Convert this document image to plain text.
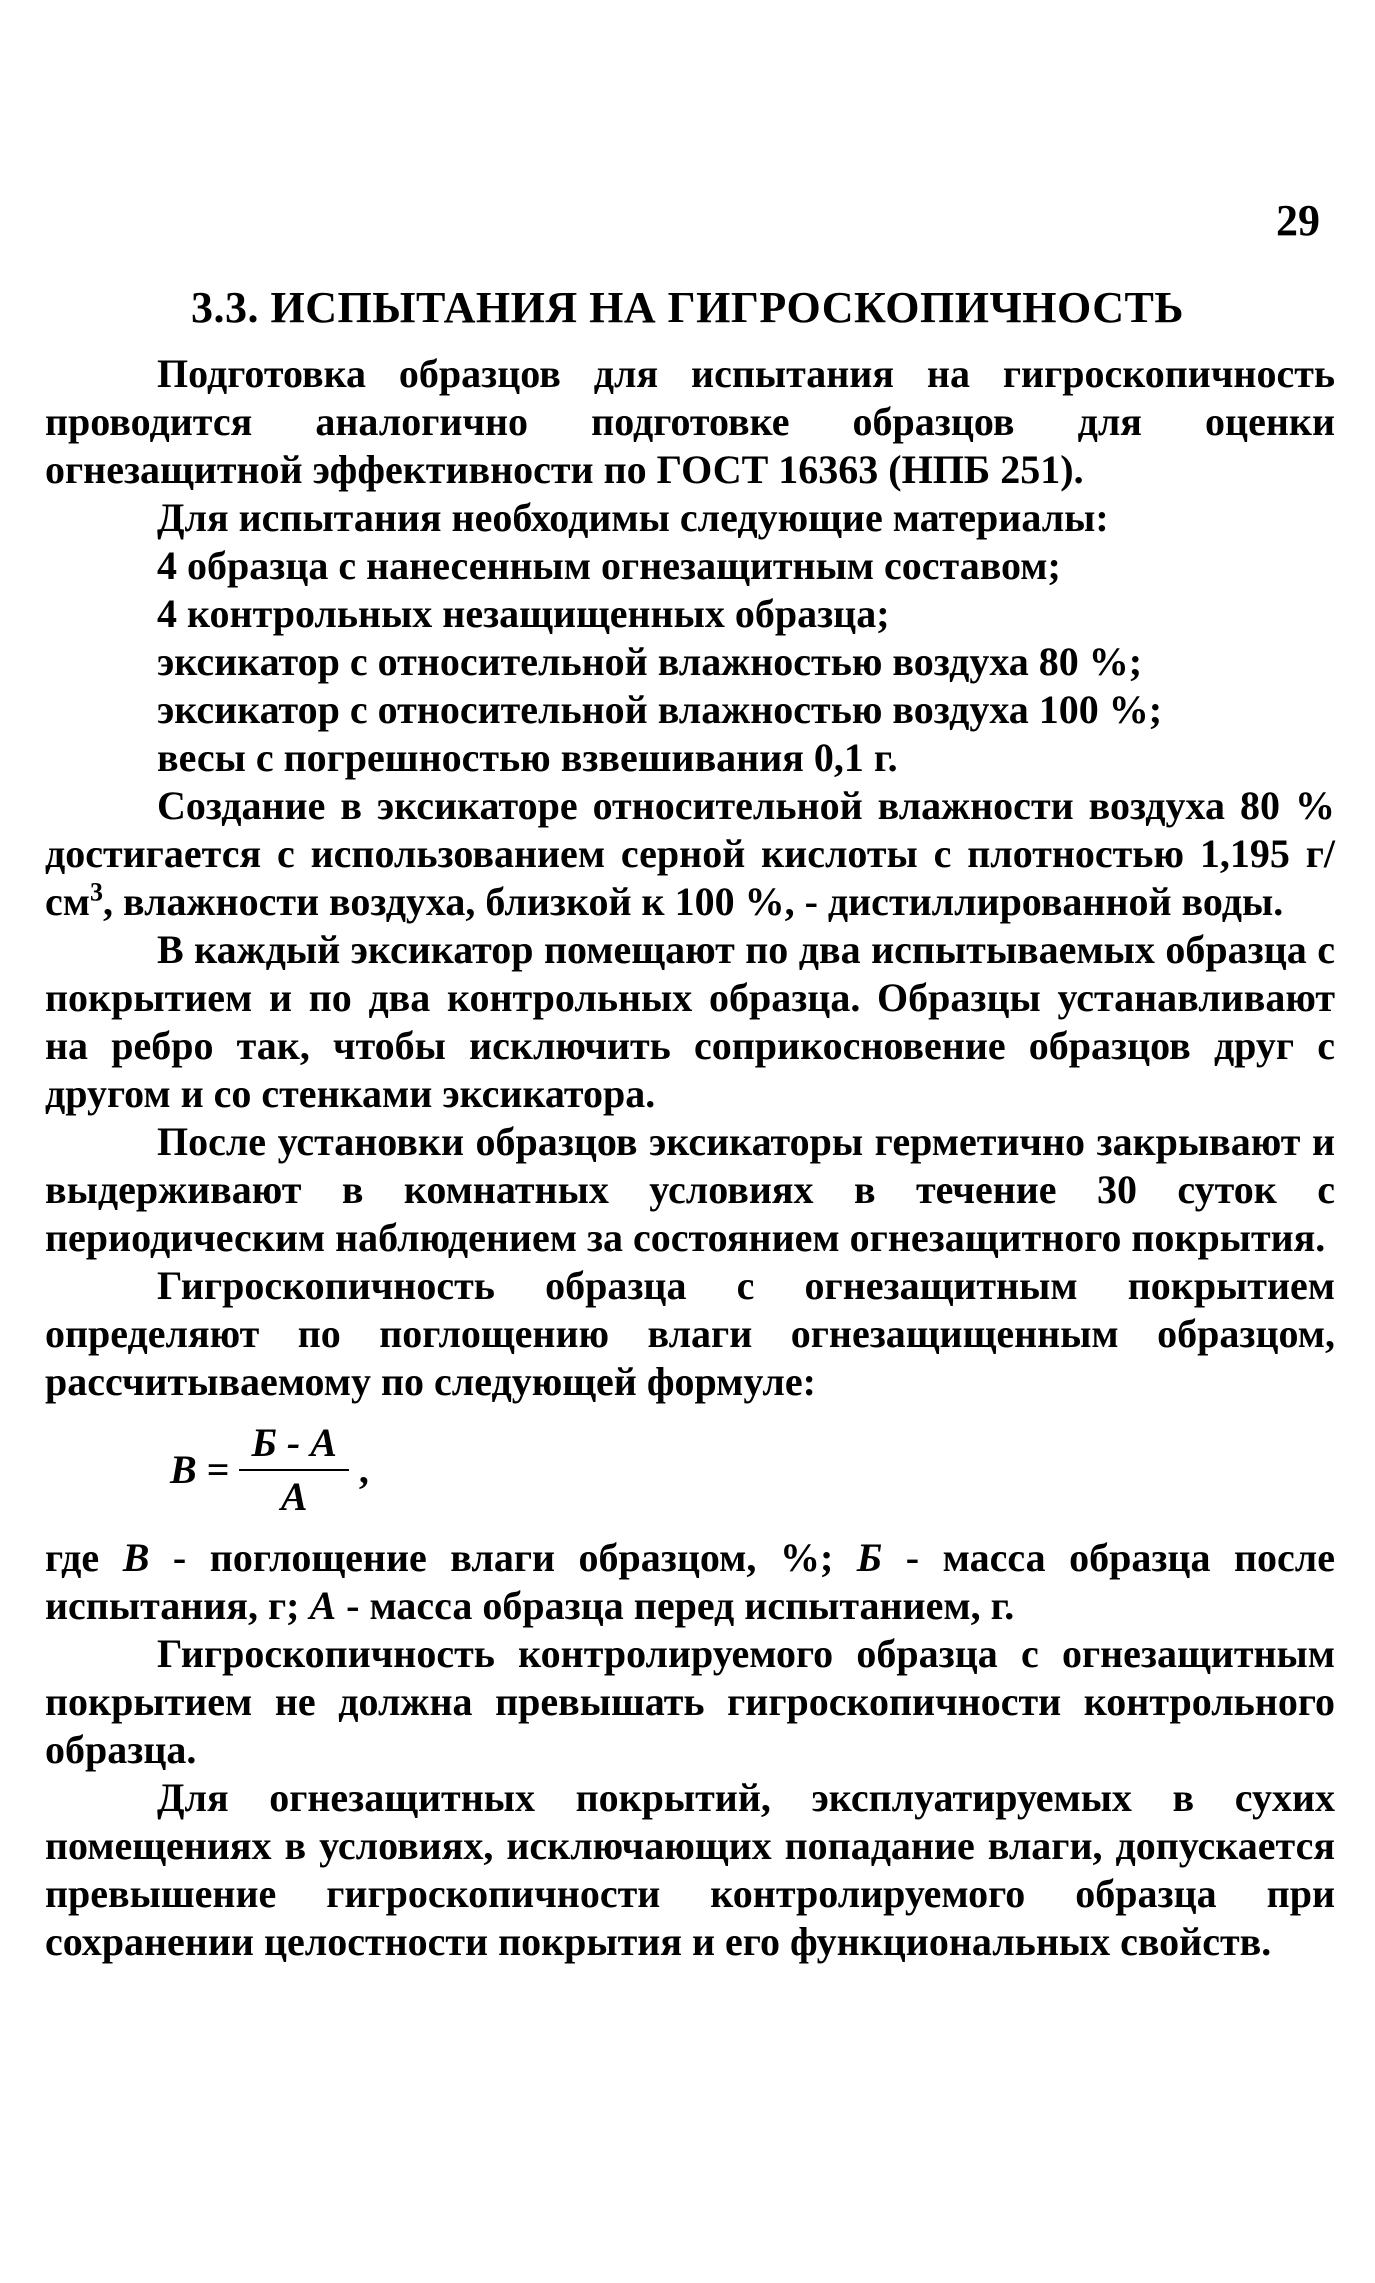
29
3.3. ИСПЫТАНИЯ НА ГИГРОСКОПИЧНОСТЬ

Подготовка образцов для испытания на гигроскопичность проводится аналогично подготовке образцов для оценки огнезащитной эффективности по ГОСТ 16363 (НПБ 251).

Для испытания необходимы следующие материалы:

4 образца с нанесенным огнезащитным составом;
4 контрольных незащищенных образца;
эксикатор с относительной влажностью воздуха 80 %;
эксикатор с относительной влажностью воздуха 100 %;
весы с погрешностью взвешивания 0,1 г.

Создание в эксикаторе относительной влажности воздуха 80 % достигается с использованием серной кислоты с плотностью 1,195 $г/см^3$, влажности воздуха, близкой к 100 %, - дистиллированной воды.

В каждый эксикатор помещают по два испытываемых образца с покрытием и по два контрольных образца. Образцы устанавливают на ребро так, чтобы исключить соприкосновение образцов друг с другом и со стенками эксикатора.

После установки образцов эксикаторы герметично закрывают и выдерживают в комнатных условиях в течение 30 суток с периодическим наблюдением за состоянием огнезащитного покрытия.

Гигроскопичность образца с огнезащитным покрытием определяют по поглощению влаги огнезащищенным образцом, рассчитываемому по следующей формуле:

$В = \frac{Б - А}{А}$ ,

где В - поглощение влаги образцом, %; Б - масса образца после испытания, г; А - масса образца перед испытанием, г.

Гигроскопичность контролируемого образца с огнезащитным покрытием не должна превышать гигроскопичности контрольного образца.

Для огнезащитных покрытий, эксплуатируемых в сухих помещениях в условиях, исключающих попадание влаги, допускается превышение гигроскопичности контролируемого образца при сохранении целостности покрытия и его функциональных свойств.
